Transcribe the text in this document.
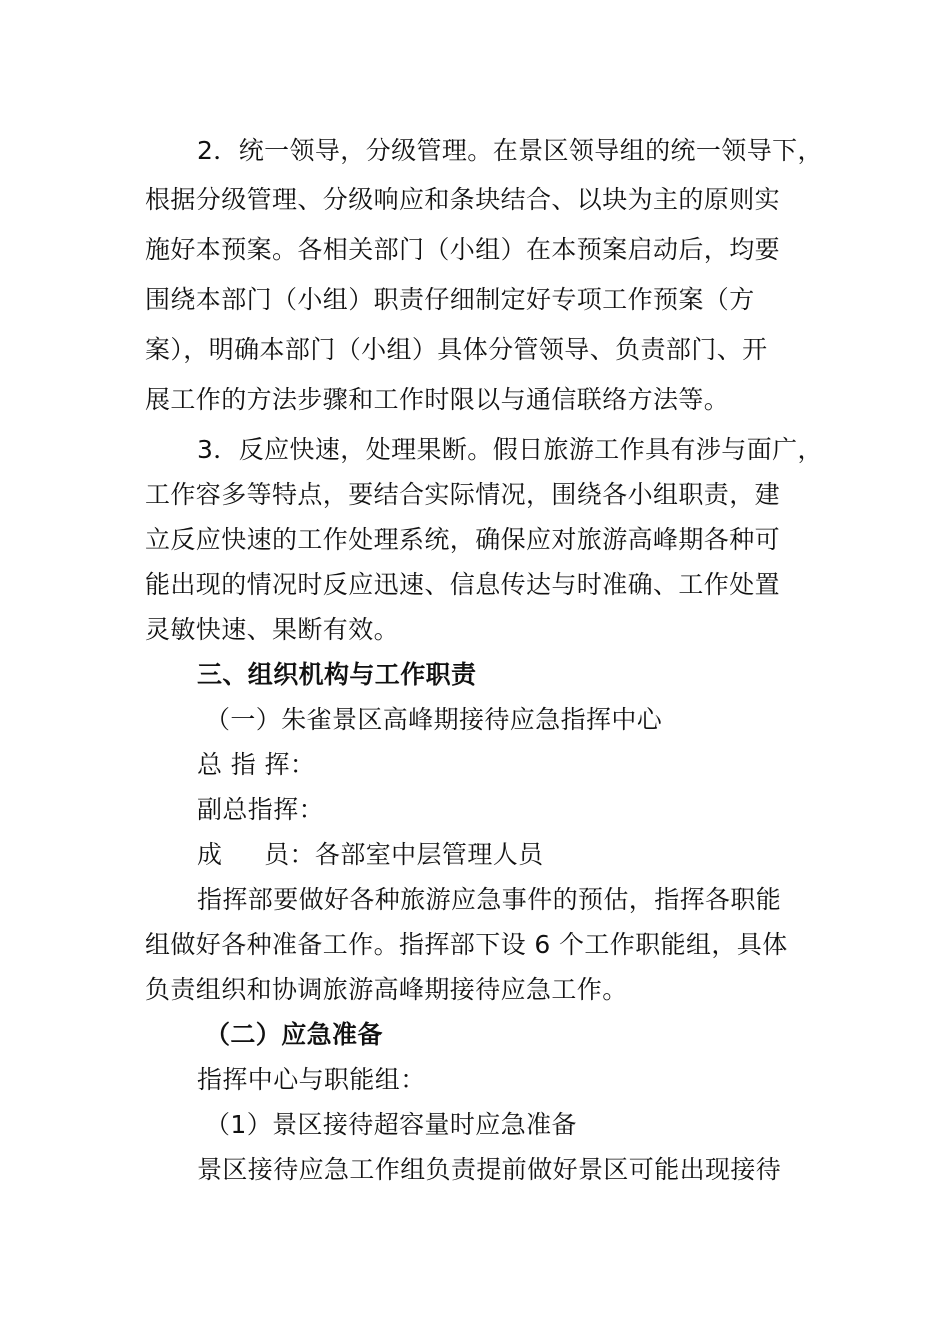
2．统一领导，分级管理。在景区领导组的统一领导下，
根据分级管理、分级响应和条块结合、以块为主的原则实
施好本预案。各相关部门（小组）在本预案启动后，均要
围绕本部门（小组）职责仔细制定好专项工作预案（方
案），明确本部门（小组）具体分管领导、负责部门、开
展工作的方法步骤和工作时限以与通信联络方法等。
3．反应快速，处理果断。假日旅游工作具有涉与面广，
工作容多等特点，要结合实际情况，围绕各小组职责，建
立反应快速的工作处理系统，确保应对旅游高峰期各种可
能出现的情况时反应迅速、信息传达与时准确、工作处置
灵敏快速、果断有效。
三、组织机构与工作职责
（一）朱雀景区高峰期接待应急指挥中心
总 指 挥：
副总指挥：
成     员：各部室中层管理人员
指挥部要做好各种旅游应急事件的预估，指挥各职能
组做好各种准备工作。指挥部下设 6 个工作职能组，具体
负责组织和协调旅游高峰期接待应急工作。
（二）应急准备
指挥中心与职能组：
（1）景区接待超容量时应急准备
景区接待应急工作组负责提前做好景区可能出现接待
